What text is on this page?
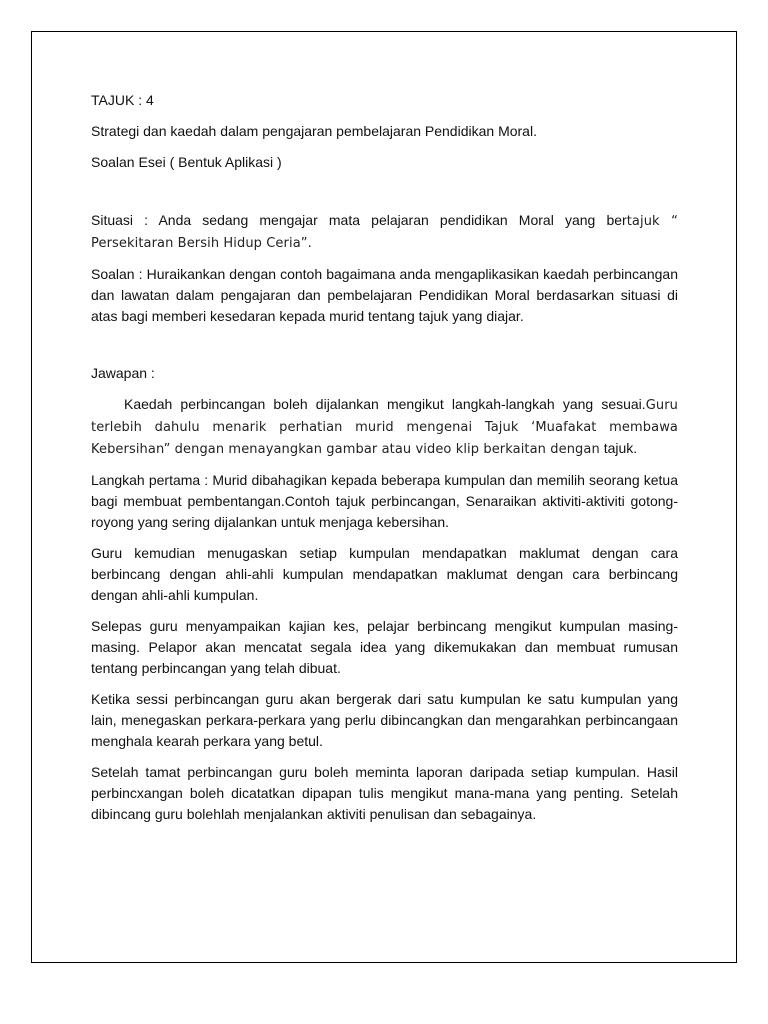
TAJUK : 4

Strategi dan kaedah dalam pengajaran pembelajaran Pendidikan Moral.

Soalan Esei ( Bentuk Aplikasi )

Situasi : Anda sedang mengajar mata pelajaran pendidikan Moral yang bertajuk “ Persekitaran Bersih Hidup Ceria”.

Soalan : Huraikankan dengan contoh bagaimana anda mengaplikasikan kaedah perbincangan dan lawatan dalam pengajaran dan pembelajaran Pendidikan Moral berdasarkan situasi di atas bagi memberi kesedaran kepada murid tentang tajuk yang diajar.

Jawapan :

Kaedah perbincangan boleh dijalankan mengikut langkah-langkah yang sesuai.Guru terlebih dahulu menarik perhatian murid mengenai Tajuk ‘Muafakat membawa Kebersihan” dengan menayangkan gambar atau video klip berkaitan dengan tajuk.

Langkah pertama : Murid dibahagikan kepada beberapa kumpulan dan memilih seorang ketua bagi membuat pembentangan.Contoh tajuk perbincangan, Senaraikan aktiviti-aktiviti gotong-royong yang sering dijalankan untuk menjaga kebersihan.

Guru kemudian menugaskan setiap kumpulan mendapatkan maklumat dengan cara berbincang dengan ahli-ahli kumpulan mendapatkan maklumat dengan cara berbincang dengan ahli-ahli kumpulan.

Selepas guru menyampaikan kajian kes, pelajar berbincang mengikut kumpulan masing-masing. Pelapor akan mencatat segala idea yang dikemukakan dan membuat rumusan tentang perbincangan yang telah dibuat.

Ketika sessi perbincangan guru akan bergerak dari satu kumpulan ke satu kumpulan yang lain, menegaskan perkara-perkara yang perlu dibincangkan dan mengarahkan perbincangaan menghala kearah perkara yang betul.

Setelah tamat perbincangan guru boleh meminta laporan daripada setiap kumpulan. Hasil perbincxangan boleh dicatatkan dipapan tulis mengikut mana-mana yang penting. Setelah dibincang guru bolehlah menjalankan aktiviti penulisan dan sebagainya.
